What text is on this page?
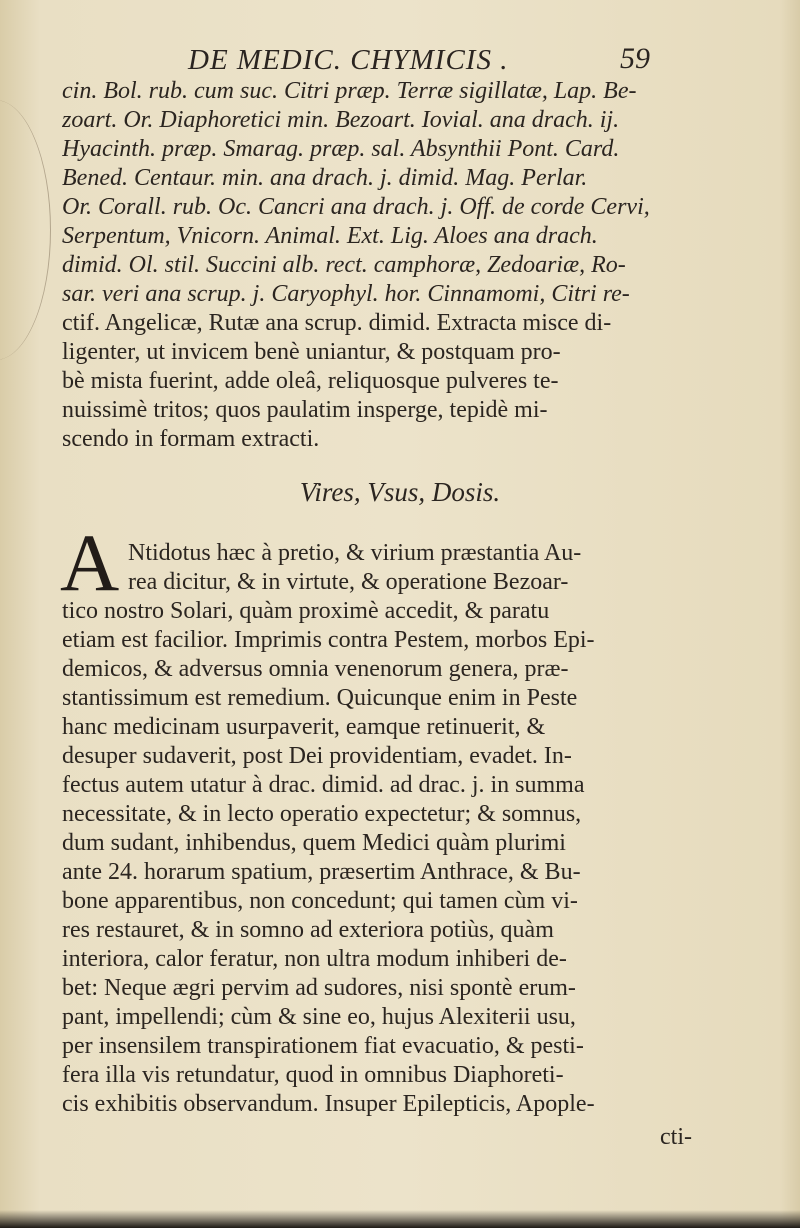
DE MEDIC. CHYMICIS .	59
cin. Bol. rub. cum suc. Citri præp. Terræ sigillatæ, Lap. Be-
zoart. Or. Diaphoretici min. Bezoart. Iovial. ana drach. ij.
Hyacinth. præp. Smarag. præp. sal. Absynthii Pont. Card.
Bened. Centaur. min. ana drach. j. dimid. Mag. Perlar.
Or. Corall. rub. Oc. Cancri ana drach. j. Off. de corde Cervi,
Serpentum, Vnicorn. Animal. Ext. Lig. Aloes ana drach.
dimid. Ol. stil. Succini alb. rect. camphoræ, Zedoariæ, Ro-
sar. veri ana scrup. j. Caryophyl. hor. Cinnamomi, Citri re-
ctif. Angelicæ, Rutæ ana scrup. dimid. Extracta misce di-
ligenter, ut invicem benè uniantur, & postquam pro-
bè mista fuerint, adde oleâ, reliquosque pulveres te-
nuissimè tritos; quos paulatim insperge, tepidè mi-
scendo in formam extracti.
Vires, Vsus, Dosis.
A Ntidotus hæc à pretio, & virium præstantia Au-
rea dicitur, & in virtute, & operatione Bezoar-
tico nostro Solari, quàm proximè accedit, & paratu
etiam est facilior. Imprimis contra Pestem, morbos Epi-
demicos, & adversus omnia venenorum genera, præ-
stantissimum est remedium. Quicunque enim in Peste
hanc medicinam usurpaverit, eamque retinuerit, &
desuper sudaverit, post Dei providentiam, evadet. In-
fectus autem utatur à drac. dimid. ad drac. j. in summa
necessitate, & in lecto operatio expectetur; & somnus,
dum sudant, inhibendus, quem Medici quàm plurimi
ante 24. horarum spatium, præsertim Anthrace, & Bu-
bone apparentibus, non concedunt; qui tamen cùm vi-
res restauret, & in somno ad exteriora potiùs, quàm
interiora, calor feratur, non ultra modum inhiberi de-
bet: Neque ægri pervim ad sudores, nisi spontè erum-
pant, impellendi; cùm & sine eo, hujus Alexiterii usu,
per insensilem transpirationem fiat evacuatio, & pesti-
fera illa vis retundatur, quod in omnibus Diaphoreti-
cis exhibitis observandum. Insuper Epilepticis, Apople-
cti-
